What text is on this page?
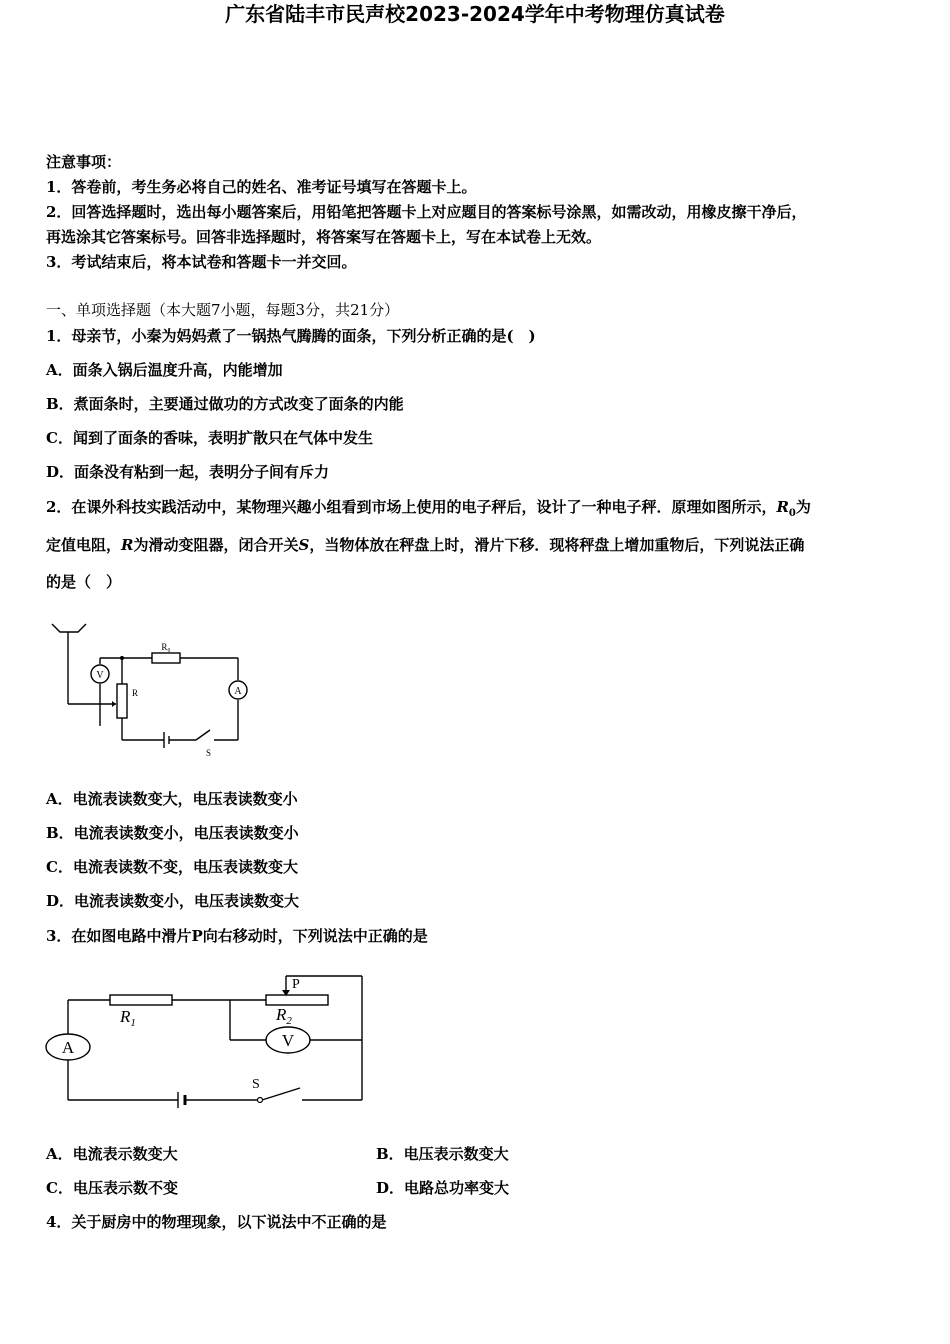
广东省陆丰市民声校2023-2024学年中考物理仿真试卷
注意事项：
1．答卷前，考生务必将自己的姓名、准考证号填写在答题卡上。
2．回答选择题时，选出每小题答案后，用铅笔把答题卡上对应题目的答案标号涂黑，如需改动，用橡皮擦干净后，
再选涂其它答案标号。回答非选择题时，将答案写在答题卡上，写在本试卷上无效。
3．考试结束后，将本试卷和答题卡一并交回。
一、单项选择题（本大题7小题，每题3分，共21分）
1．母亲节，小秦为妈妈煮了一锅热气腾腾的面条，下列分析正确的是(　)
A．面条入锅后温度升高，内能增加
B．煮面条时，主要通过做功的方式改变了面条的内能
C．闻到了面条的香味，表明扩散只在气体中发生
D．面条没有粘到一起，表明分子间有斥力
2．在课外科技实践活动中，某物理兴趣小组看到市场上使用的电子秤后，设计了一种电子秤．原理如图所示，$R_0$为
定值电阻，R为滑动变阻器，闭合开关S，当物体放在秤盘上时，滑片下移．现将秤盘上增加重物后，下列说法正确
的是（　）
V
R₀
R	A
S
A．电流表读数变大，电压表读数变小
B．电流表读数变小，电压表读数变小
C．电流表读数不变，电压表读数变大
D．电流表读数变小，电压表读数变大
3．在如图电路中滑片P向右移动时，下列说法中正确的是
P
$R_1$	$R_2$
A	V
S
A．电流表示数变大	B．电压表示数变大
C．电压表示数不变	D．电路总功率变大
4．关于厨房中的物理现象，以下说法中不正确的是
